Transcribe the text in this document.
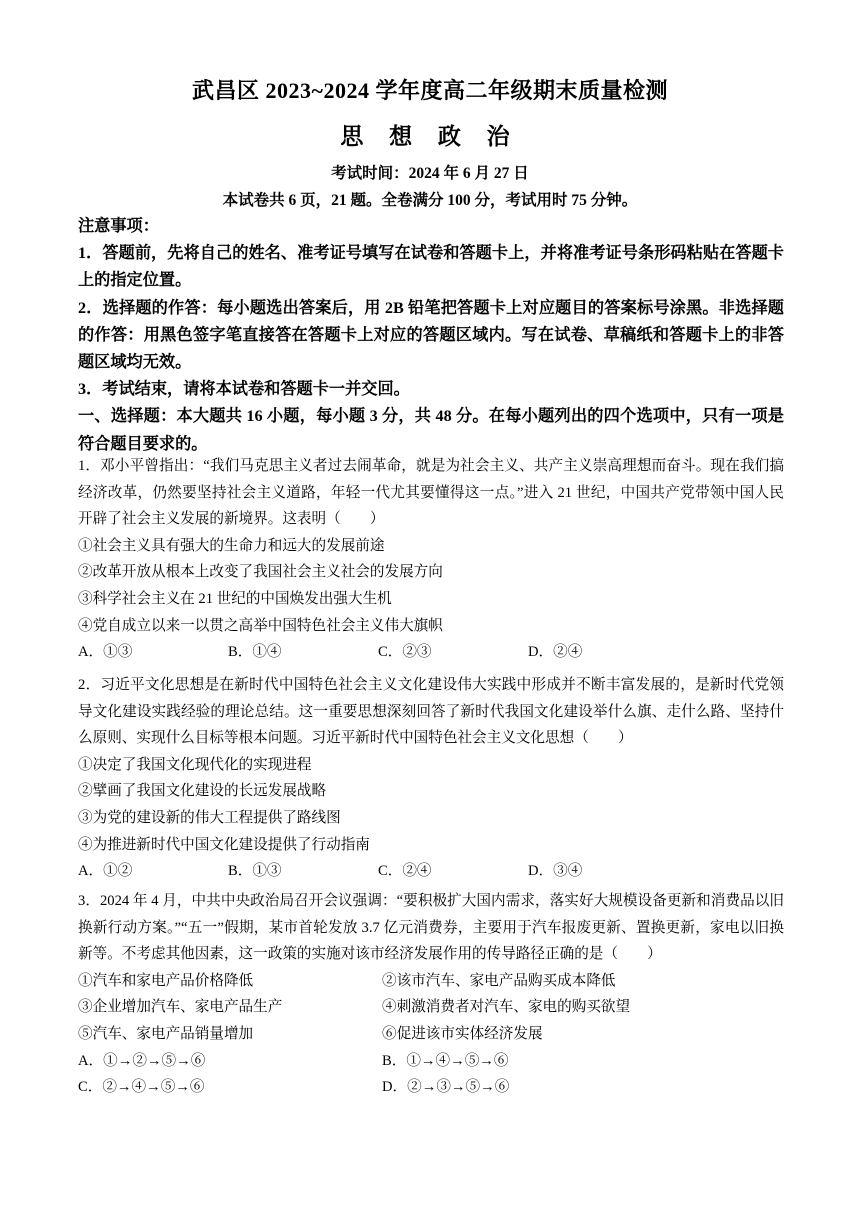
武昌区 2023~2024 学年度高二年级期末质量检测
思 想 政 治
考试时间：2024 年 6 月 27 日
本试卷共 6 页，21 题。全卷满分 100 分，考试用时 75 分钟。

注意事项：

1．答题前，先将自己的姓名、准考证号填写在试卷和答题卡上，并将准考证号条形码粘贴在答题卡上的指定位置。

2．选择题的作答：每小题选出答案后，用 2B 铅笔把答题卡上对应题目的答案标号涂黑。非选择题的作答：用黑色签字笔直接答在答题卡上对应的答题区域内。写在试卷、草稿纸和答题卡上的非答题区域均无效。

3．考试结束，请将本试卷和答题卡一并交回。

一、选择题：本大题共 16 小题，每小题 3 分，共 48 分。在每小题列出的四个选项中，只有一项是符合题目要求的。

1．邓小平曾指出：“我们马克思主义者过去闹革命，就是为社会主义、共产主义崇高理想而奋斗。现在我们搞经济改革，仍然要坚持社会主义道路，年轻一代尤其要懂得这一点。”进入 21 世纪，中国共产党带领中国人民开辟了社会主义发展的新境界。这表明（　　）

①社会主义具有强大的生命力和远大的发展前途

②改革开放从根本上改变了我国社会主义社会的发展方向

③科学社会主义在 21 世纪的中国焕发出强大生机

④党自成立以来一以贯之高举中国特色社会主义伟大旗帜

A．①③	B．①④	C．②③	D．②④

2．习近平文化思想是在新时代中国特色社会主义文化建设伟大实践中形成并不断丰富发展的，是新时代党领导文化建设实践经验的理论总结。这一重要思想深刻回答了新时代我国文化建设举什么旗、走什么路、坚持什么原则、实现什么目标等根本问题。习近平新时代中国特色社会主义文化思想（　　）

①决定了我国文化现代化的实现进程

②擘画了我国文化建设的长远发展战略

③为党的建设新的伟大工程提供了路线图

④为推进新时代中国文化建设提供了行动指南

A．①②	B．①③	C．②④	D．③④

3．2024 年 4 月，中共中央政治局召开会议强调：“要积极扩大国内需求，落实好大规模设备更新和消费品以旧换新行动方案。”“五一”假期，某市首轮发放 3.7 亿元消费券，主要用于汽车报废更新、置换更新，家电以旧换新等。不考虑其他因素，这一政策的实施对该市经济发展作用的传导路径正确的是（　　）

①汽车和家电产品价格降低	②该市汽车、家电产品购买成本降低
③企业增加汽车、家电产品生产	④刺激消费者对汽车、家电的购买欲望
⑤汽车、家电产品销量增加	⑥促进该市实体经济发展
A．①→②→⑤→⑥	B．①→④→⑤→⑥
C．②→④→⑤→⑥	D．②→③→⑤→⑥
